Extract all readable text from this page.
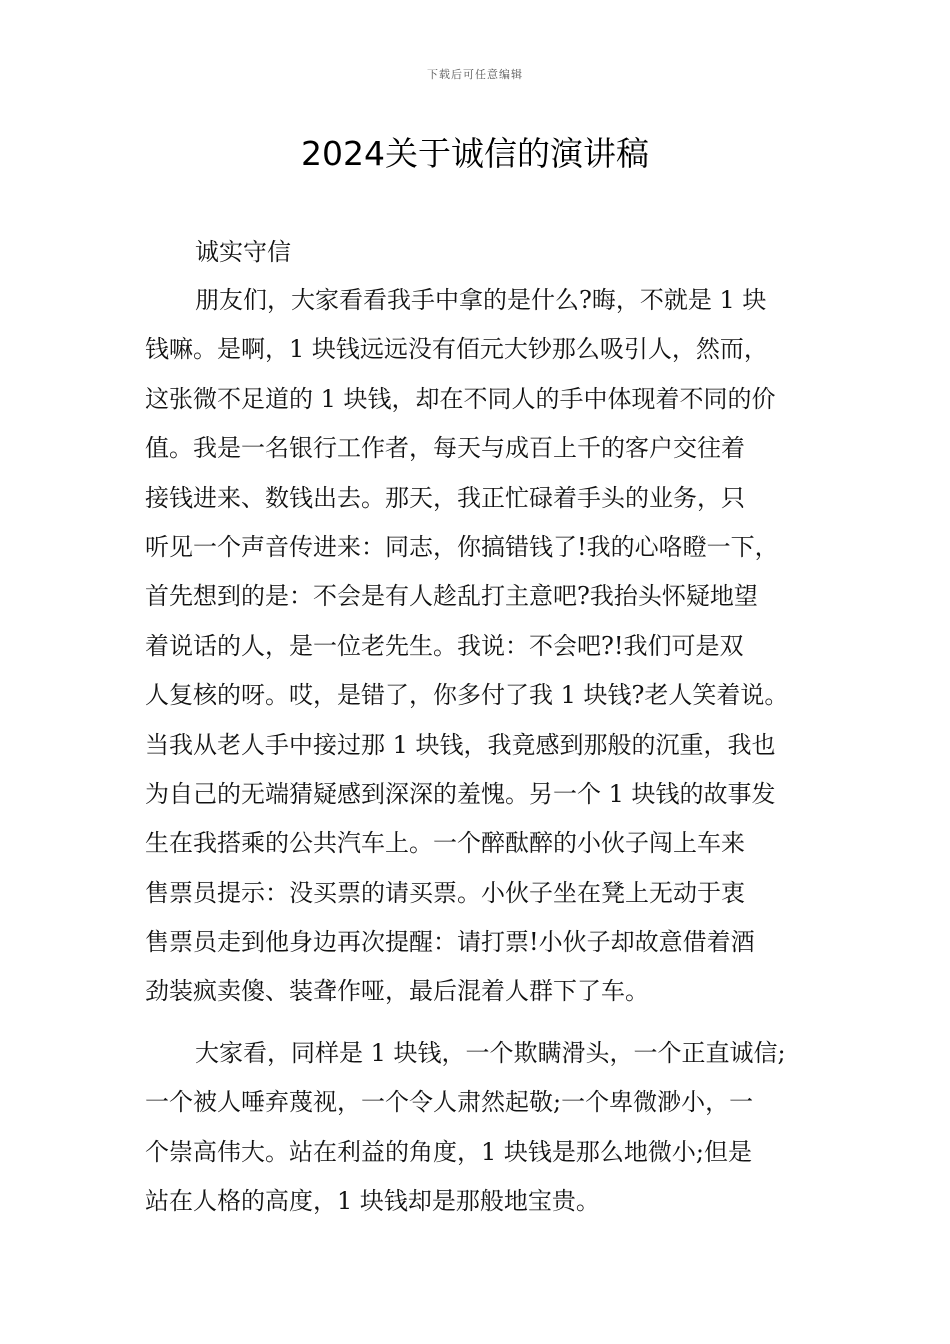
下载后可任意编辑
2024关于诚信的演讲稿

诚实守信

朋友们，大家看看我手中拿的是什么?晦，不就是 1 块
钱嘛。是啊，1 块钱远远没有佰元大钞那么吸引人，然而，
这张微不足道的 1 块钱，却在不同人的手中体现着不同的价
值。我是一名银行工作者，每天与成百上千的客户交往着
接钱进来、数钱出去。那天，我正忙碌着手头的业务，只
听见一个声音传进来：同志，你搞错钱了!我的心咯瞪一下，
首先想到的是：不会是有人趁乱打主意吧?我抬头怀疑地望
着说话的人，是一位老先生。我说：不会吧?!我们可是双
人复核的呀。哎，是错了，你多付了我 1 块钱?老人笑着说。
当我从老人手中接过那 1 块钱，我竟感到那般的沉重，我也
为自己的无端猜疑感到深深的羞愧。另一个 1 块钱的故事发
生在我搭乘的公共汽车上。一个醉酞醉的小伙子闯上车来
售票员提示：没买票的请买票。小伙子坐在凳上无动于衷
售票员走到他身边再次提醒：请打票!小伙子却故意借着酒
劲装疯卖傻、装聋作哑，最后混着人群下了车。
大家看，同样是 1 块钱，一个欺瞒滑头，一个正直诚信;
一个被人唾弃蔑视，一个令人肃然起敬;一个卑微渺小，一
个崇高伟大。站在利益的角度，1 块钱是那么地微小;但是
站在人格的高度，1 块钱却是那般地宝贵。
